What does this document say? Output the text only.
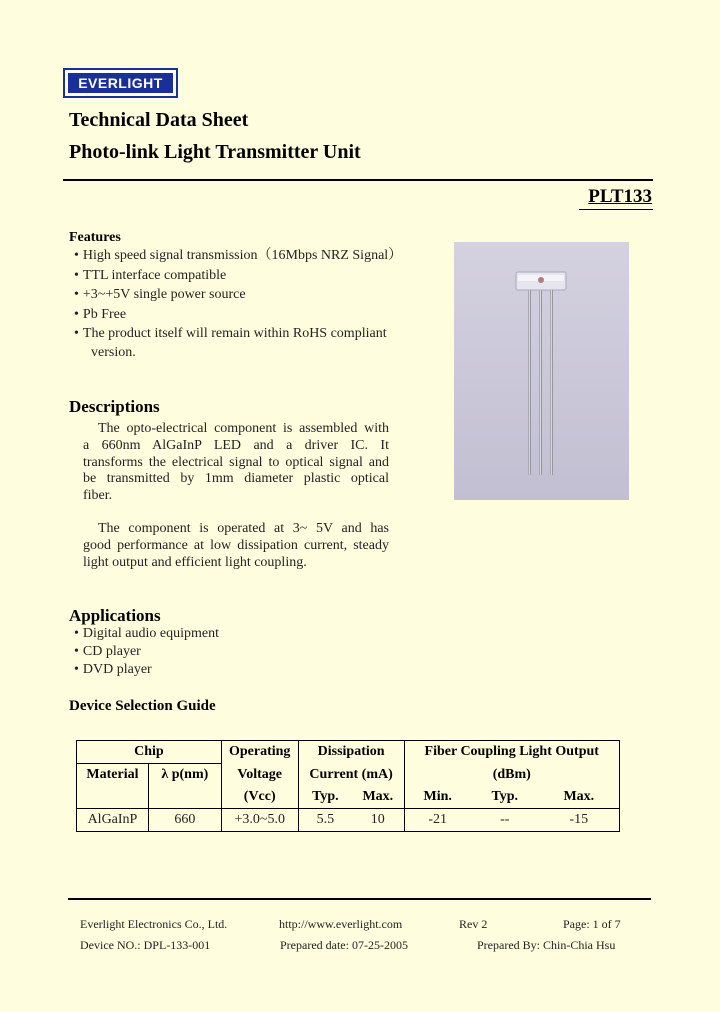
EVERLIGHT
Technical Data Sheet
Photo-link Light Transmitter Unit
PLT133
Features
• High speed signal transmission（16Mbps NRZ Signal）
• TTL interface compatible
• +3~+5V single power source
• Pb Free
• The product itself will remain within RoHS compliant
version.
Descriptions
The opto-electrical component is assembled with
a 660nm AlGaInP LED and a driver IC. It
transforms the electrical signal to optical signal and
be transmitted by 1mm diameter plastic optical
fiber.
The component is operated at 3~ 5V and has
good performance at low dissipation current, steady
light output and efficient light coupling.
Applications
• Digital audio equipment
• CD player
• DVD player
Device Selection Guide
Chip		Operating	Dissipation		Fiber Coupling Light Output		
Material	λ p(nm)	Voltage	Current (mA)		(dBm)		
		(Vcc)	Typ.	Max.	Min.	Typ.	Max.
AlGaInP	660	+3.0~5.0	5.5	10	-21	--	-15
Everlight Electronics Co., Ltd.	http://www.everlight.com	Rev 2	Page: 1 of 7
Device NO.: DPL-133-001	Prepared date: 07-25-2005	Prepared By: Chin-Chia Hsu
